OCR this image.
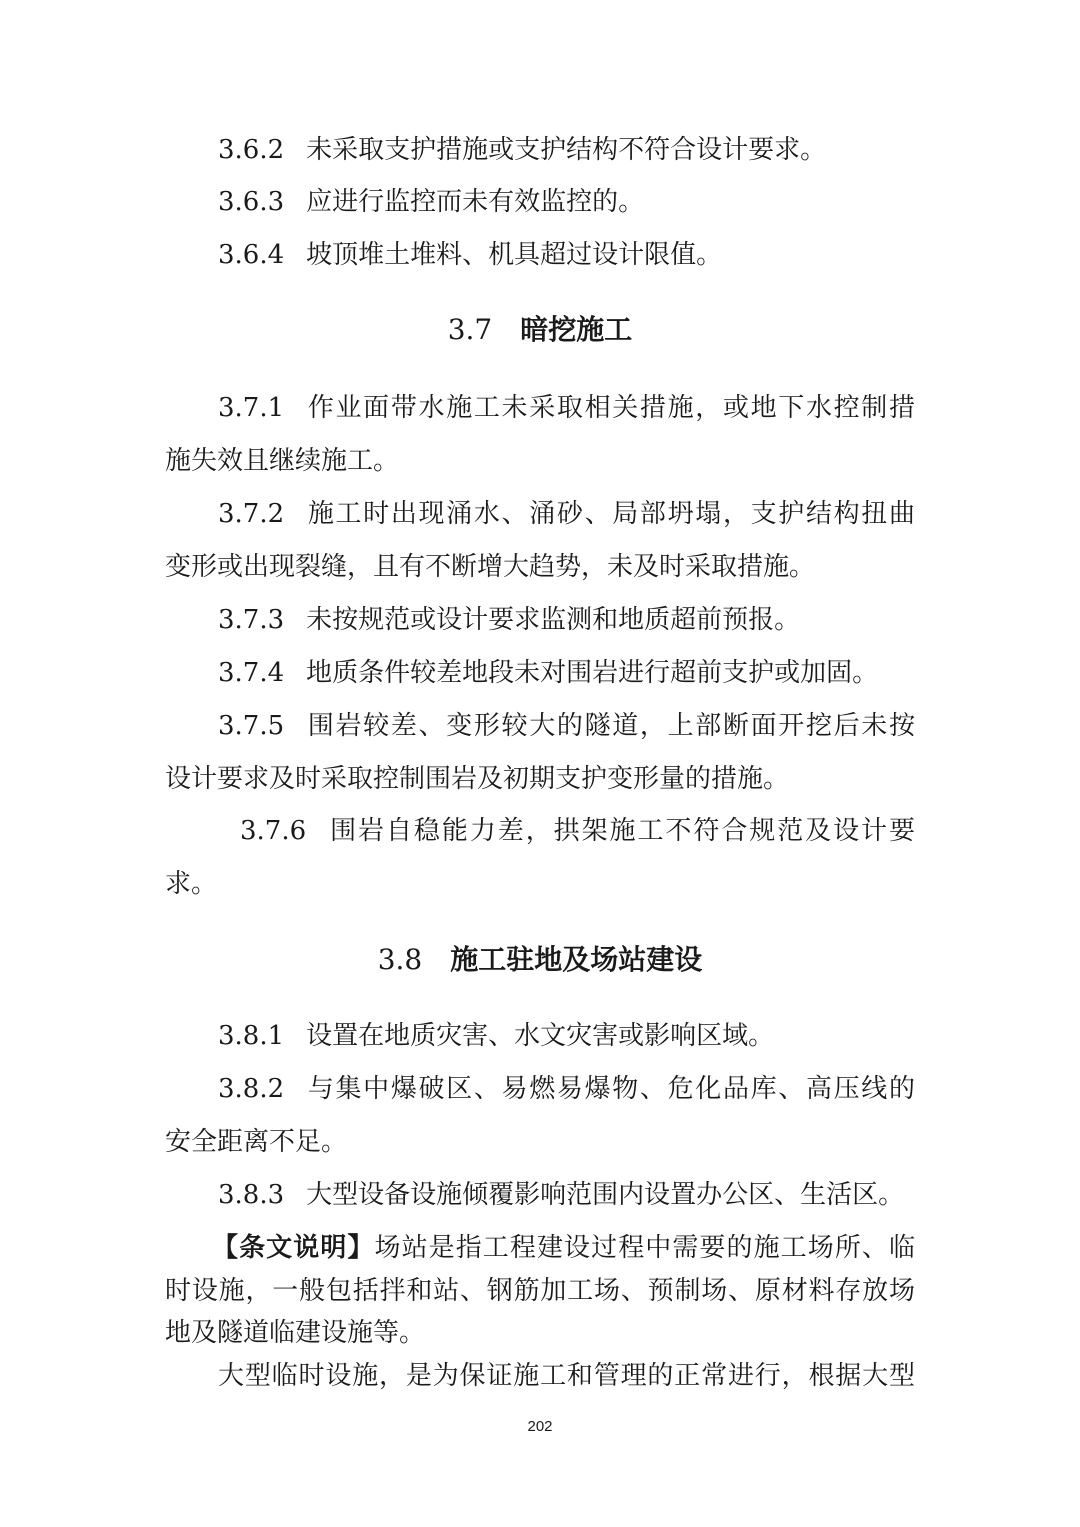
3.6.2 未采取支护措施或支护结构不符合设计要求。
3.6.3 应进行监控而未有效监控的。
3.6.4 坡顶堆土堆料、机具超过设计限值。
3.7 暗挖施工
3.7.1 作业面带水施工未采取相关措施，或地下水控制措
施失效且继续施工。
3.7.2 施工时出现涌水、涌砂、局部坍塌，支护结构扭曲
变形或出现裂缝，且有不断增大趋势，未及时采取措施。
3.7.3 未按规范或设计要求监测和地质超前预报。
3.7.4 地质条件较差地段未对围岩进行超前支护或加固。
3.7.5 围岩较差、变形较大的隧道，上部断面开挖后未按
设计要求及时采取控制围岩及初期支护变形量的措施。
3.7.6 围岩自稳能力差，拱架施工不符合规范及设计要
求。
3.8 施工驻地及场站建设
3.8.1 设置在地质灾害、水文灾害或影响区域。
3.8.2 与集中爆破区、易燃易爆物、危化品库、高压线的
安全距离不足。
3.8.3 大型设备设施倾覆影响范围内设置办公区、生活区。
【条文说明】场站是指工程建设过程中需要的施工场所、临
时设施，一般包括拌和站、钢筋加工场、预制场、原材料存放场
地及隧道临建设施等。
大型临时设施，是为保证施工和管理的正常进行，根据大型
202
